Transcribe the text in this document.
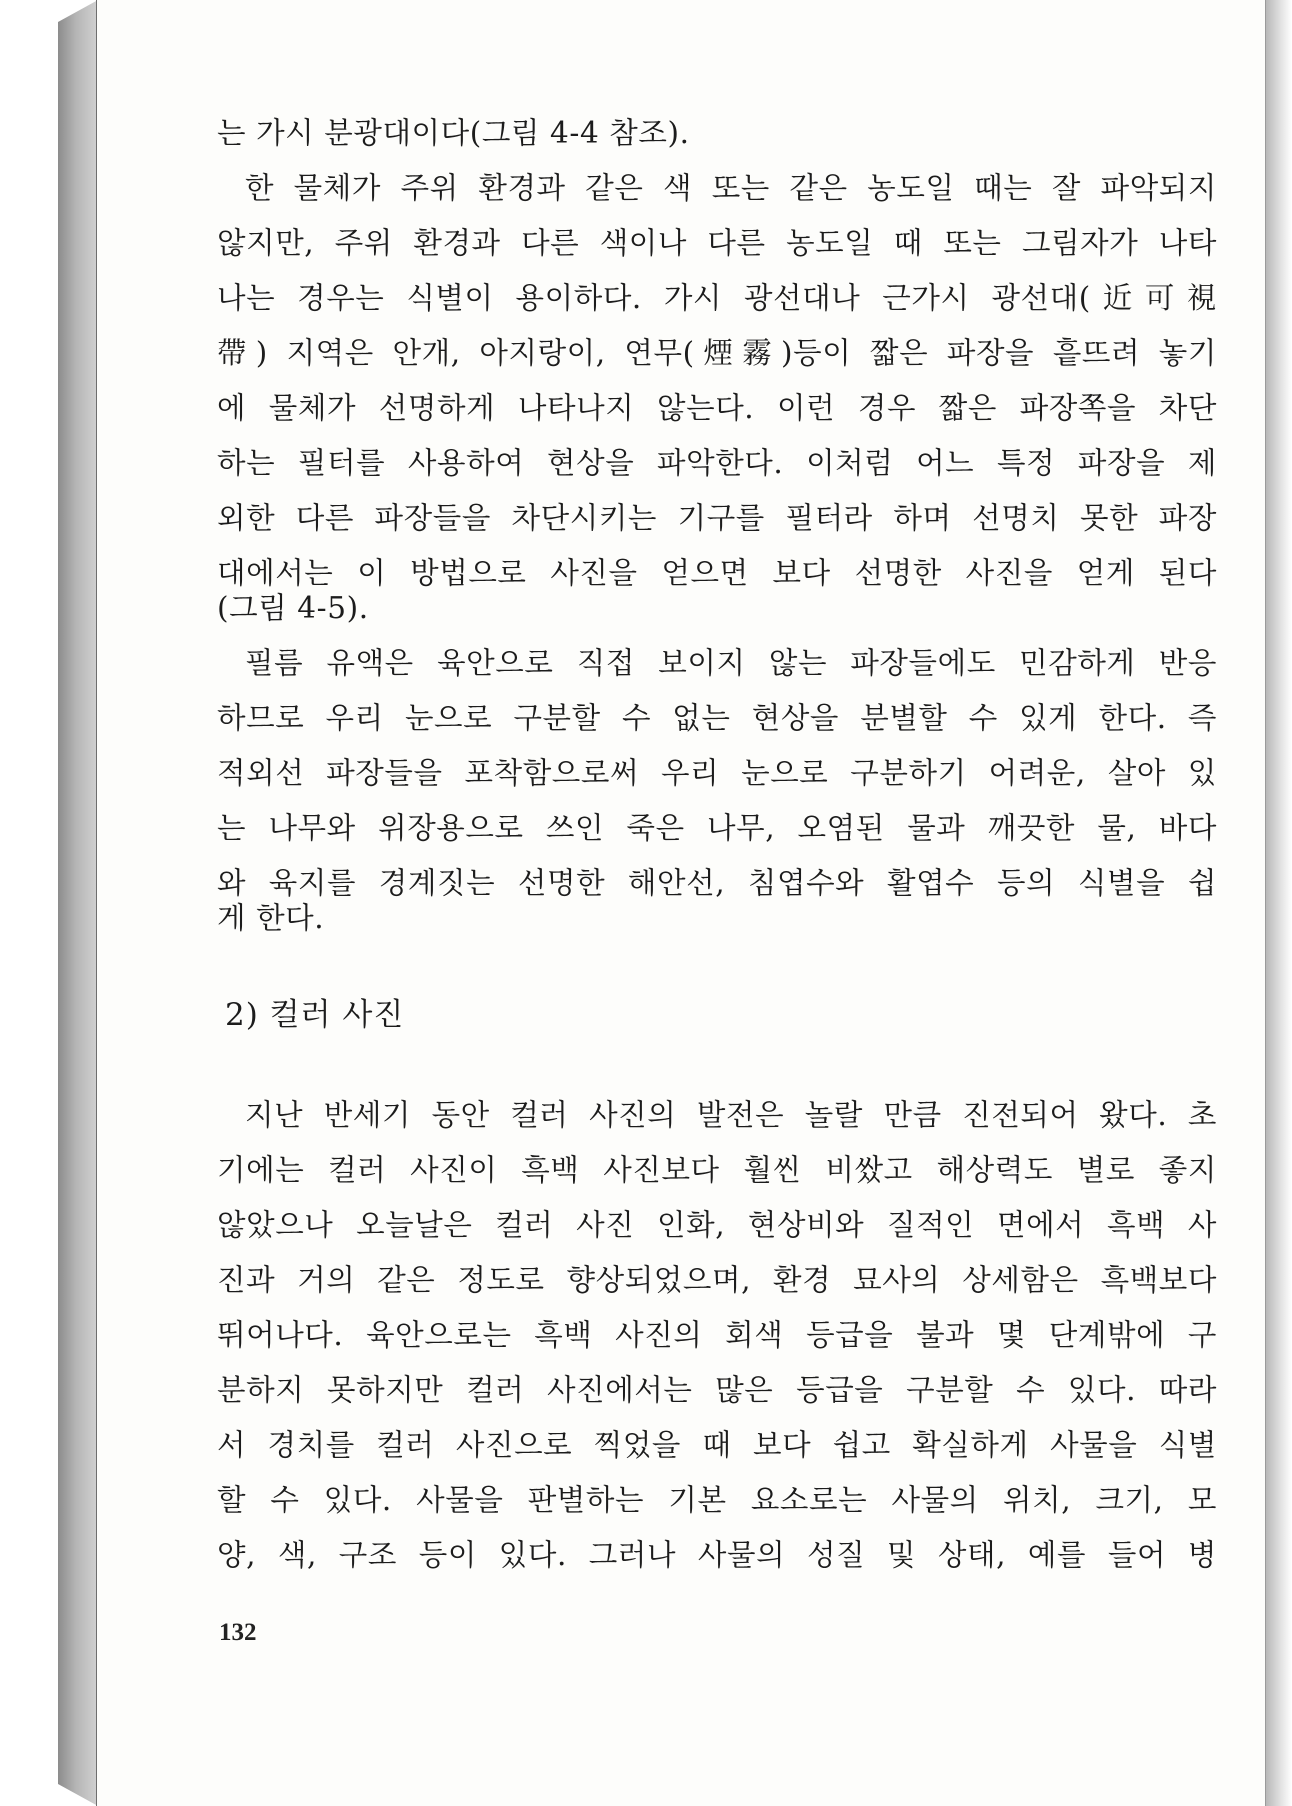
는 가시 분광대이다(그림 4-4 참조).
한 물체가 주위 환경과 같은 색 또는 같은 농도일 때는 잘 파악되지
않지만, 주위 환경과 다른 색이나 다른 농도일 때 또는 그림자가 나타
나는 경우는 식별이 용이하다. 가시 광선대나 근가시 광선대(近可視
帶) 지역은 안개, 아지랑이, 연무(煙霧)등이 짧은 파장을 흩뜨려 놓기
에 물체가 선명하게 나타나지 않는다. 이런 경우 짧은 파장쪽을 차단
하는 필터를 사용하여 현상을 파악한다. 이처럼 어느 특정 파장을 제
외한 다른 파장들을 차단시키는 기구를 필터라 하며 선명치 못한 파장
대에서는 이 방법으로 사진을 얻으면 보다 선명한 사진을 얻게 된다
(그림 4-5).
필름 유액은 육안으로 직접 보이지 않는 파장들에도 민감하게 반응
하므로 우리 눈으로 구분할 수 없는 현상을 분별할 수 있게 한다. 즉
적외선 파장들을 포착함으로써 우리 눈으로 구분하기 어려운, 살아 있
는 나무와 위장용으로 쓰인 죽은 나무, 오염된 물과 깨끗한 물, 바다
와 육지를 경계짓는 선명한 해안선, 침엽수와 활엽수 등의 식별을 쉽
게 한다.
지난 반세기 동안 컬러 사진의 발전은 놀랄 만큼 진전되어 왔다. 초
기에는 컬러 사진이 흑백 사진보다 훨씬 비쌌고 해상력도 별로 좋지
않았으나 오늘날은 컬러 사진 인화, 현상비와 질적인 면에서 흑백 사
진과 거의 같은 정도로 향상되었으며, 환경 묘사의 상세함은 흑백보다
뛰어나다. 육안으로는 흑백 사진의 회색 등급을 불과 몇 단계밖에 구
분하지 못하지만 컬러 사진에서는 많은 등급을 구분할 수 있다. 따라
서 경치를 컬러 사진으로 찍었을 때 보다 쉽고 확실하게 사물을 식별
할 수 있다. 사물을 판별하는 기본 요소로는 사물의 위치, 크기, 모
양, 색, 구조 등이 있다. 그러나 사물의 성질 및 상태, 예를 들어 병
2) 컬러 사진
132
